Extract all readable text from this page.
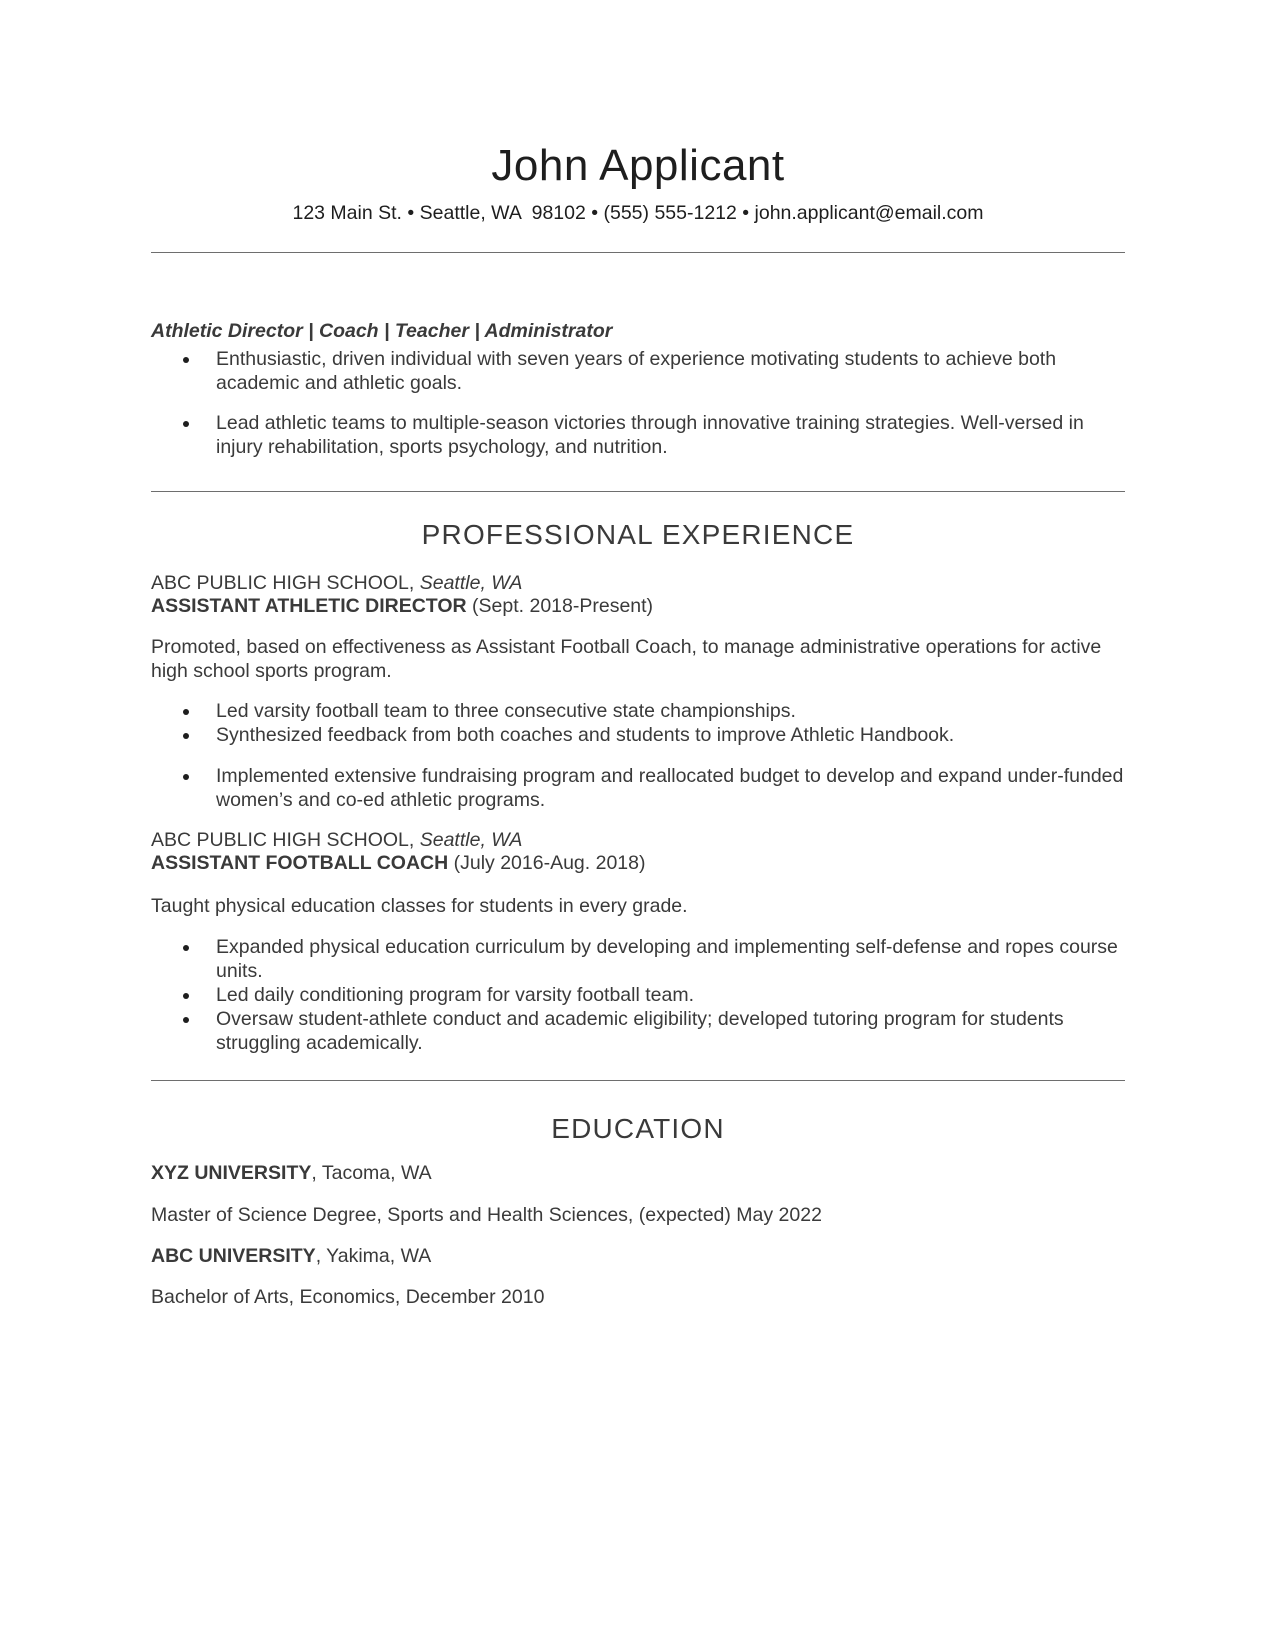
John Applicant
123 Main St. • Seattle, WA  98102 • (555) 555-1212 • john.applicant@email.com
Athletic Director | Coach | Teacher | Administrator
Enthusiastic, driven individual with seven years of experience motivating students to achieve both academic and athletic goals.
Lead athletic teams to multiple-season victories through innovative training strategies. Well-versed in injury rehabilitation, sports psychology, and nutrition.
PROFESSIONAL EXPERIENCE
ABC PUBLIC HIGH SCHOOL, Seattle, WA
ASSISTANT ATHLETIC DIRECTOR (Sept. 2018-Present)
Promoted, based on effectiveness as Assistant Football Coach, to manage administrative operations for active high school sports program.
Led varsity football team to three consecutive state championships.
Synthesized feedback from both coaches and students to improve Athletic Handbook.
Implemented extensive fundraising program and reallocated budget to develop and expand under-funded women’s and co-ed athletic programs.
ABC PUBLIC HIGH SCHOOL, Seattle, WA
ASSISTANT FOOTBALL COACH (July 2016-Aug. 2018)
Taught physical education classes for students in every grade.
Expanded physical education curriculum by developing and implementing self-defense and ropes course units.
Led daily conditioning program for varsity football team.
Oversaw student-athlete conduct and academic eligibility; developed tutoring program for students struggling academically.
EDUCATION
XYZ UNIVERSITY, Tacoma, WA
Master of Science Degree, Sports and Health Sciences, (expected) May 2022
ABC UNIVERSITY, Yakima, WA
Bachelor of Arts, Economics, December 2010
